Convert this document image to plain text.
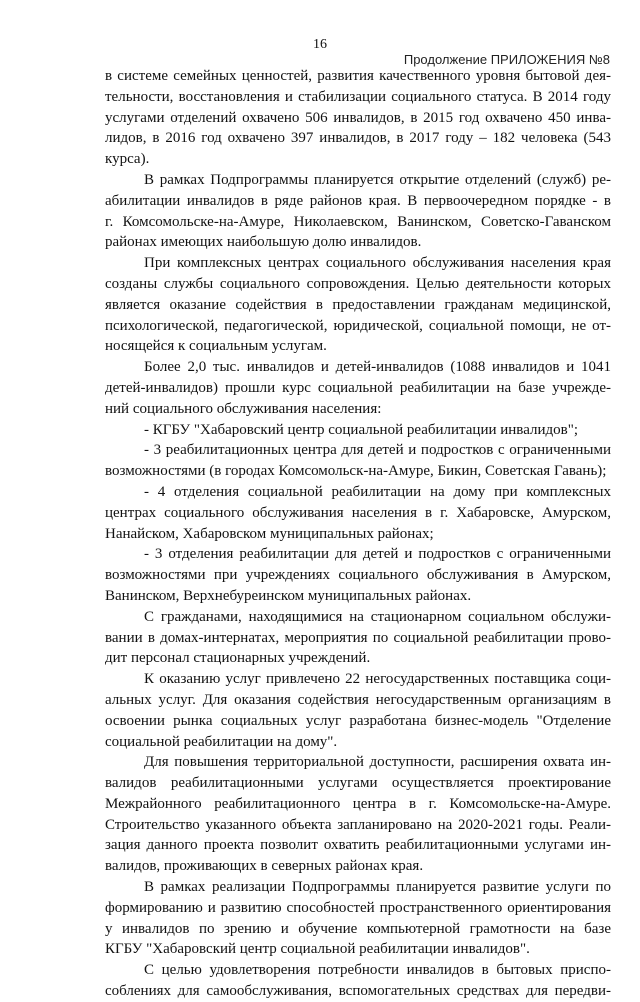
16
Продолжение ПРИЛОЖЕНИЯ №8
в системе семейных ценностей, развития качественного уровня бытовой дея-
тельности, восстановления и стабилизации социального статуса. В 2014 году
услугами отделений охвачено 506 инвалидов, в 2015 год охвачено 450 инва-
лидов, в 2016 год охвачено 397 инвалидов, в 2017 году – 182 человека (543
курса).
В рамках Подпрограммы планируется открытие отделений (служб) ре-
абилитации инвалидов в ряде районов края. В первоочередном порядке - в
г. Комсомольске-на-Амуре, Николаевском, Ванинском, Советско-Гаванском
районах имеющих наибольшую долю инвалидов.
При комплексных центрах социального обслуживания населения края
созданы службы социального сопровождения. Целью деятельности которых
является оказание содействия в предоставлении гражданам медицинской,
психологической, педагогической, юридической, социальной помощи, не от-
носящейся к социальным услугам.
Более 2,0 тыс. инвалидов и детей-инвалидов (1088 инвалидов и 1041
детей-инвалидов) прошли курс социальной реабилитации на базе учрежде-
ний социального обслуживания населения:
- КГБУ "Хабаровский центр социальной реабилитации инвалидов";
- 3 реабилитационных центра для детей и подростков с ограниченными
возможностями (в городах Комсомольск-на-Амуре, Бикин, Советская Гавань);
- 4 отделения социальной реабилитации на дому при комплексных
центрах социального обслуживания населения в г. Хабаровске, Амурском,
Нанайском, Хабаровском муниципальных районах;
- 3 отделения реабилитации для детей и подростков с ограниченными
возможностями при учреждениях социального обслуживания в Амурском,
Ванинском, Верхнебуреинском муниципальных районах.
С гражданами, находящимися на стационарном социальном обслужи-
вании в домах-интернатах, мероприятия по социальной реабилитации прово-
дит персонал стационарных учреждений.
К оказанию услуг привлечено 22 негосударственных поставщика соци-
альных услуг. Для оказания содействия негосударственным организациям в
освоении рынка социальных услуг разработана бизнес-модель "Отделение
социальной реабилитации на дому".
Для повышения территориальной доступности, расширения охвата ин-
валидов реабилитационными услугами осуществляется проектирование
Межрайонного реабилитационного центра в г. Комсомольске-на-Амуре.
Строительство указанного объекта запланировано на 2020-2021 годы. Реали-
зация данного проекта позволит охватить реабилитационными услугами ин-
валидов, проживающих в северных районах края.
В рамках реализации Подпрограммы планируется развитие услуги по
формированию и развитию способностей пространственного ориентирования
у инвалидов по зрению и обучение компьютерной грамотности на базе
КГБУ "Хабаровский центр социальной реабилитации инвалидов".
С целью удовлетворения потребности инвалидов в бытовых приспо-
соблениях для самообслуживания, вспомогательных средствах для передви-
